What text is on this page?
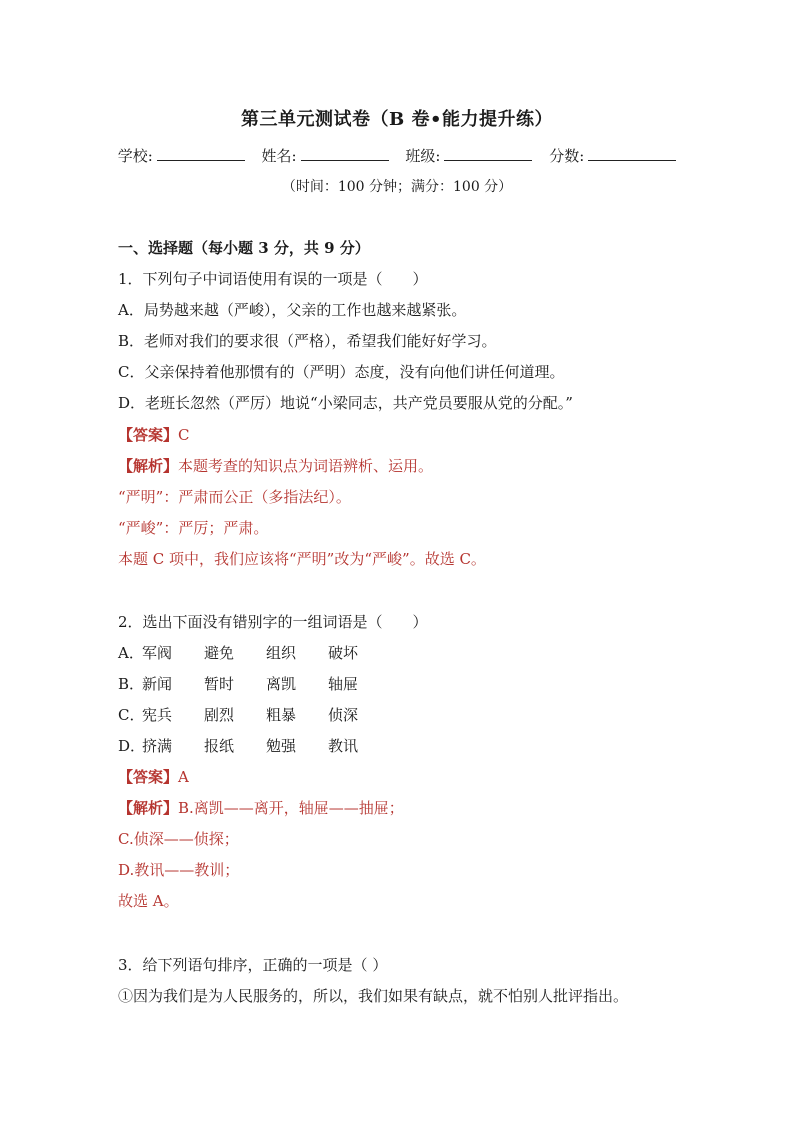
第三单元测试卷（B 卷•能力提升练）
学校:	姓名:	班级:	分数:
（时间：100 分钟；满分：100 分）
一、选择题（每小题 3 分，共 9 分）
1．下列句子中词语使用有误的一项是（　　）
A．局势越来越（严峻），父亲的工作也越来越紧张。
B．老师对我们的要求很（严格），希望我们能好好学习。
C．父亲保持着他那惯有的（严明）态度，没有向他们讲任何道理。
D．老班长忽然（严厉）地说“小梁同志，共产党员要服从党的分配。”
【答案】C
【解析】本题考查的知识点为词语辨析、运用。
“严明”：严肃而公正（多指法纪）。
“严峻”：严厉；严肃。
本题 C 项中，我们应该将“严明”改为“严峻”。故选 C。
2．选出下面没有错别字的一组词语是（　　）
A．军阀 避免 组织 破坏
B．新闻 暂时 离凯 轴屉
C．宪兵 剧烈 粗暴 侦深
D．挤满 报纸 勉强 教讯
【答案】A
【解析】B.离凯——离开，轴屉——抽屉；
C.侦深——侦探；
D.教讯——教训；
故选 A。
3．给下列语句排序，正确的一项是（ ）
①因为我们是为人民服务的，所以，我们如果有缺点，就不怕别人批评指出。
